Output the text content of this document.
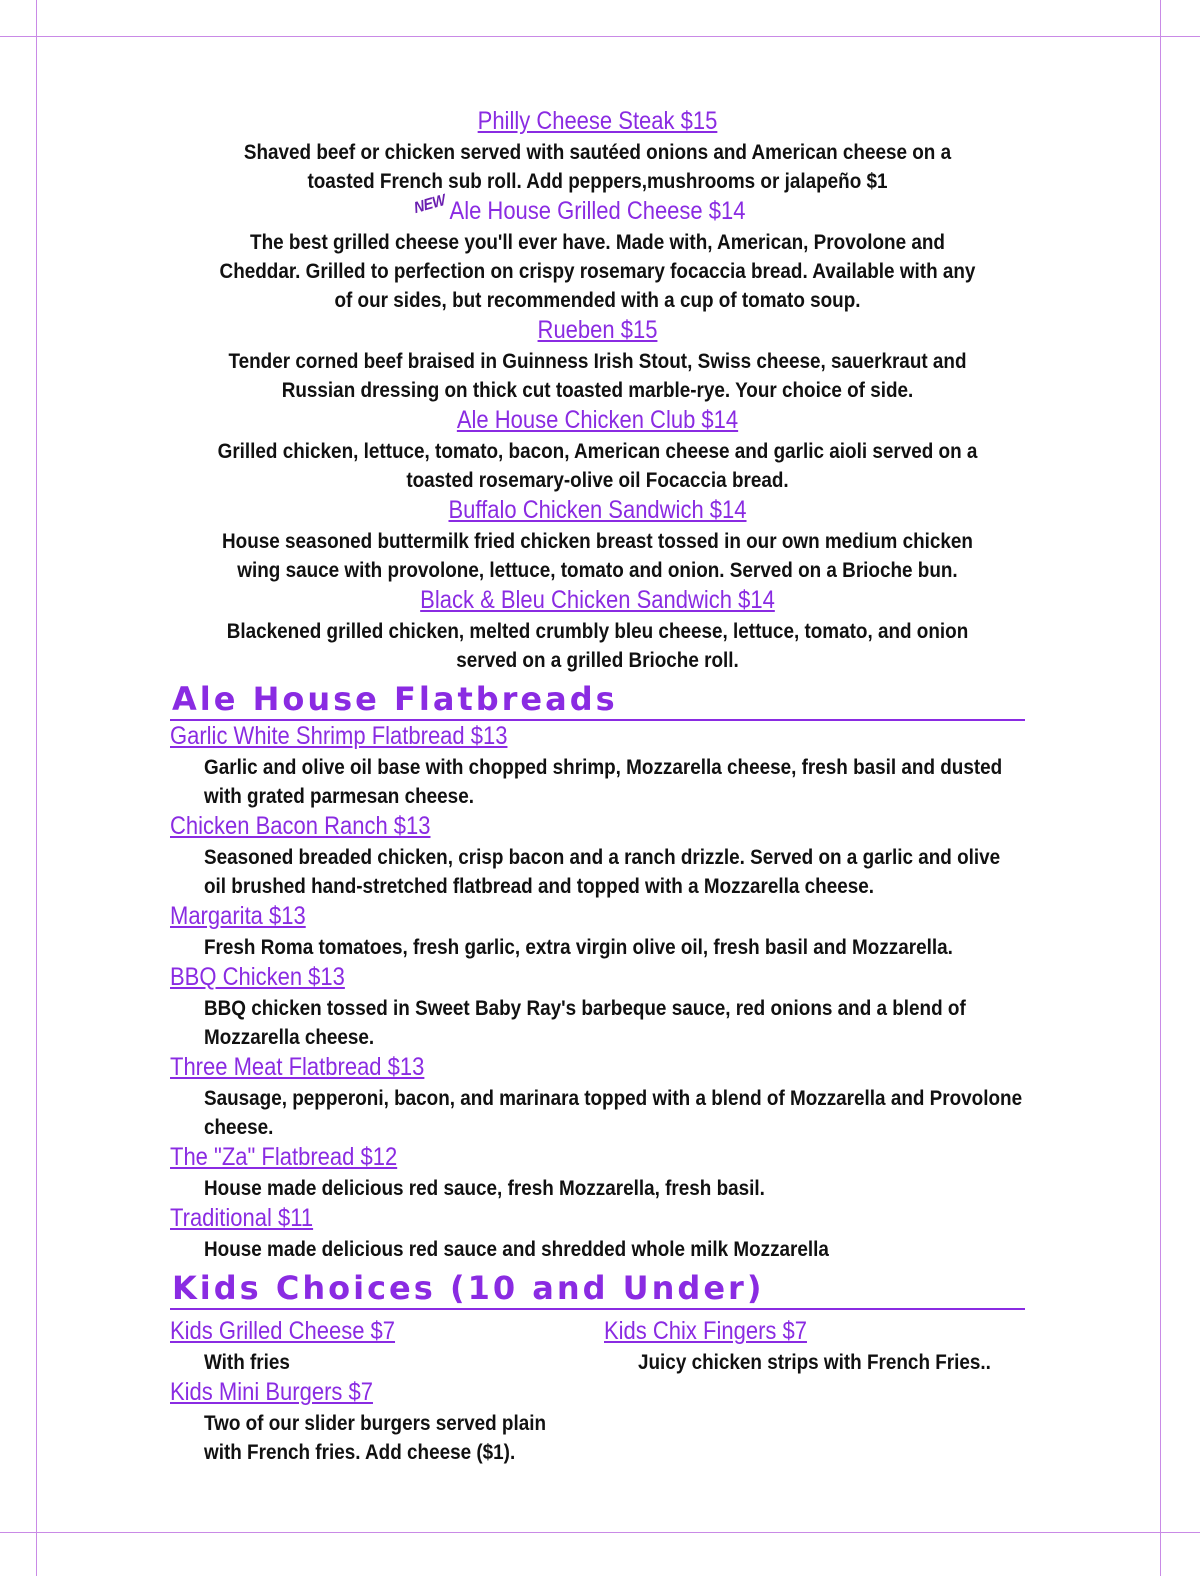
Philly Cheese Steak $15
Shaved beef or chicken served with sautéed onions and American cheese on a toasted French sub roll. Add peppers,mushrooms or jalapeño $1
NEW Ale House Grilled Cheese $14
The best grilled cheese you'll ever have. Made with, American, Provolone and Cheddar. Grilled to perfection on crispy rosemary focaccia bread. Available with any of our sides, but recommended with a cup of tomato soup.
Rueben $15
Tender corned beef braised in Guinness Irish Stout, Swiss cheese, sauerkraut and Russian dressing on thick cut toasted marble-rye. Your choice of side.
Ale House Chicken Club $14
Grilled chicken, lettuce, tomato, bacon, American cheese and garlic aioli served on a toasted rosemary-olive oil Focaccia bread.
Buffalo Chicken Sandwich $14
House seasoned buttermilk fried chicken breast tossed in our own medium chicken wing sauce with provolone, lettuce, tomato and onion. Served on a Brioche bun.
Black & Bleu Chicken Sandwich $14
Blackened grilled chicken, melted crumbly bleu cheese, lettuce, tomato, and onion served on a grilled Brioche roll.
Ale House Flatbreads
Garlic White Shrimp Flatbread $13
Garlic and olive oil base with chopped shrimp, Mozzarella cheese, fresh basil and dusted with grated parmesan cheese.
Chicken Bacon Ranch $13
Seasoned breaded chicken, crisp bacon and a ranch drizzle. Served on a garlic and olive oil brushed hand-stretched flatbread and topped with a Mozzarella cheese.
Margarita $13
Fresh Roma tomatoes, fresh garlic, extra virgin olive oil, fresh basil and Mozzarella.
BBQ Chicken $13
BBQ chicken tossed in Sweet Baby Ray's barbeque sauce, red onions and a blend of Mozzarella cheese.
Three Meat Flatbread $13
Sausage, pepperoni, bacon, and marinara topped with a blend of Mozzarella and Provolone cheese.
The "Za" Flatbread $12
House made delicious red sauce, fresh Mozzarella, fresh basil.
Traditional $11
House made delicious red sauce and shredded whole milk Mozzarella
Kids Choices (10 and Under)
Kids Grilled Cheese $7
With fries
Kids Mini Burgers $7
Two of our slider burgers served plain with French fries. Add cheese ($1).
Kids Chix Fingers $7
Juicy chicken strips with French Fries..
